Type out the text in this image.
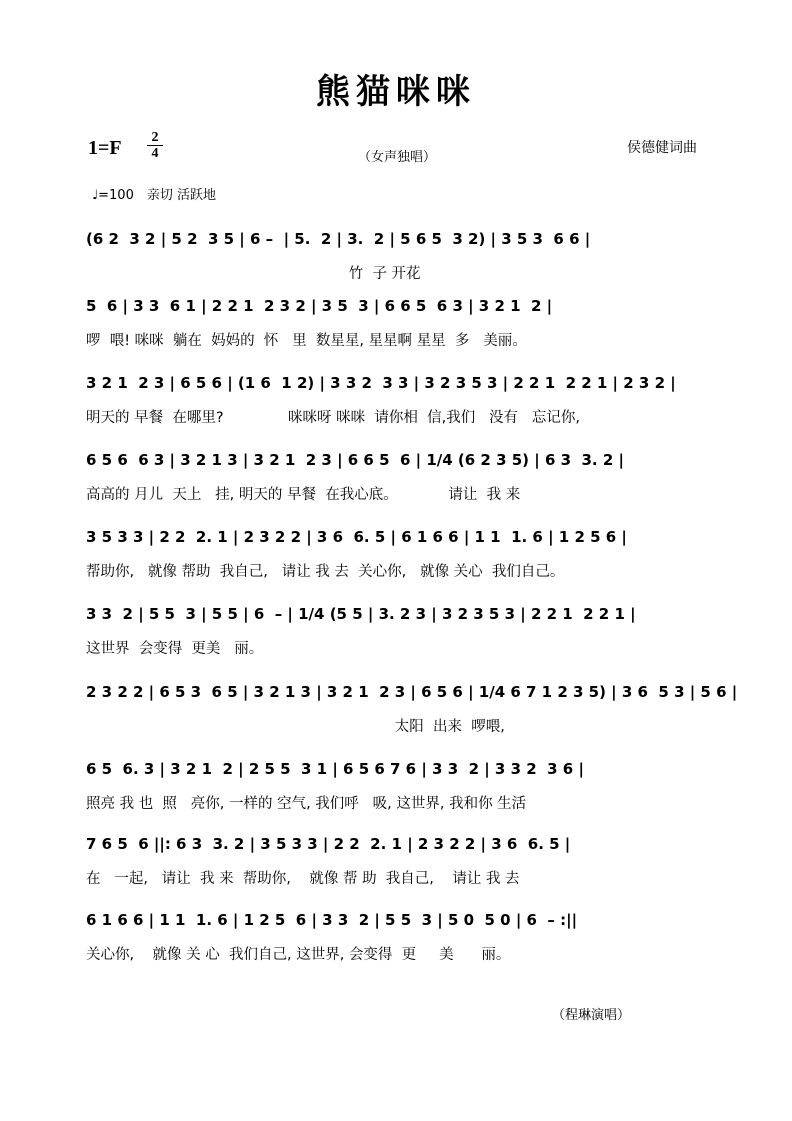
熊猫咪咪
1=F	2
4	（女声独唱）
侯德健词曲
♩=100　亲切 活跃地
(6 2  3 2 | 5 2  3 5 | 6 –  | 5.  2 | 3.  2 | 5 6 5  3 2) | 3 5 3  6 6 |
竹  子 开花
5  6 | 3 3  6 1 | 2 2 1  2 3 2 | 3 5  3 | 6 6 5  6 3 | 3 2 1  2 |
啰  喂! 咪咪  躺在  妈妈的  怀   里  数星星, 星星啊 星星  多   美丽。
3 2 1  2 3 | 6 5 6 | (1 6  1 2) | 3 3 2  3 3 | 3 2 3 5 3 | 2 2 1  2 2 1 | 2 3 2 |
明天的 早餐  在哪里?              咪咪呀 咪咪  请你相  信,我们   没有   忘记你,
6 5 6  6 3 | 3 2 1 3 | 3 2 1  2 3 | 6 6 5  6 | 1/4 (6 2 3 5) | 6 3  3. 2 |
高高的 月儿  天上   挂, 明天的 早餐  在我心底。           请让  我 来
3 5 3 3 | 2 2  2. 1 | 2 3 2 2 | 3 6  6. 5 | 6 1 6 6 | 1 1  1. 6 | 1 2 5 6 |
帮助你,   就像 帮助  我自己,   请让 我 去  关心你,   就像 关心  我们自己。
3 3  2 | 5 5  3 | 5 5 | 6  – | 1/4 (5 5 | 3. 2 3 | 3 2 3 5 3 | 2 2 1  2 2 1 |
这世界  会变得  更美   丽。
2 3 2 2 | 6 5 3  6 5 | 3 2 1 3 | 3 2 1  2 3 | 6 5 6 | 1/4 6 7 1 2 3 5) | 3 6  5 3 | 5 6 |
太阳  出来  啰喂,
6 5  6. 3 | 3 2 1  2 | 2 5 5  3 1 | 6 5 6 7 6 | 3 3  2 | 3 3 2  3 6 |
照亮 我 也  照   亮你, 一样的 空气, 我们呼   吸, 这世界, 我和你 生活
7 6 5  6 ||: 6 3  3. 2 | 3 5 3 3 | 2 2  2. 1 | 2 3 2 2 | 3 6  6. 5 |
在   一起,   请让  我 来  帮助你,    就像 帮 助  我自己,    请让 我 去
6 1 6 6 | 1 1  1. 6 | 1 2 5  6 | 3 3  2 | 5 5  3 | 5 0  5 0 | 6  – :||
关心你,    就像 关 心  我们自己, 这世界, 会变得  更     美      丽。
（程琳演唱）
